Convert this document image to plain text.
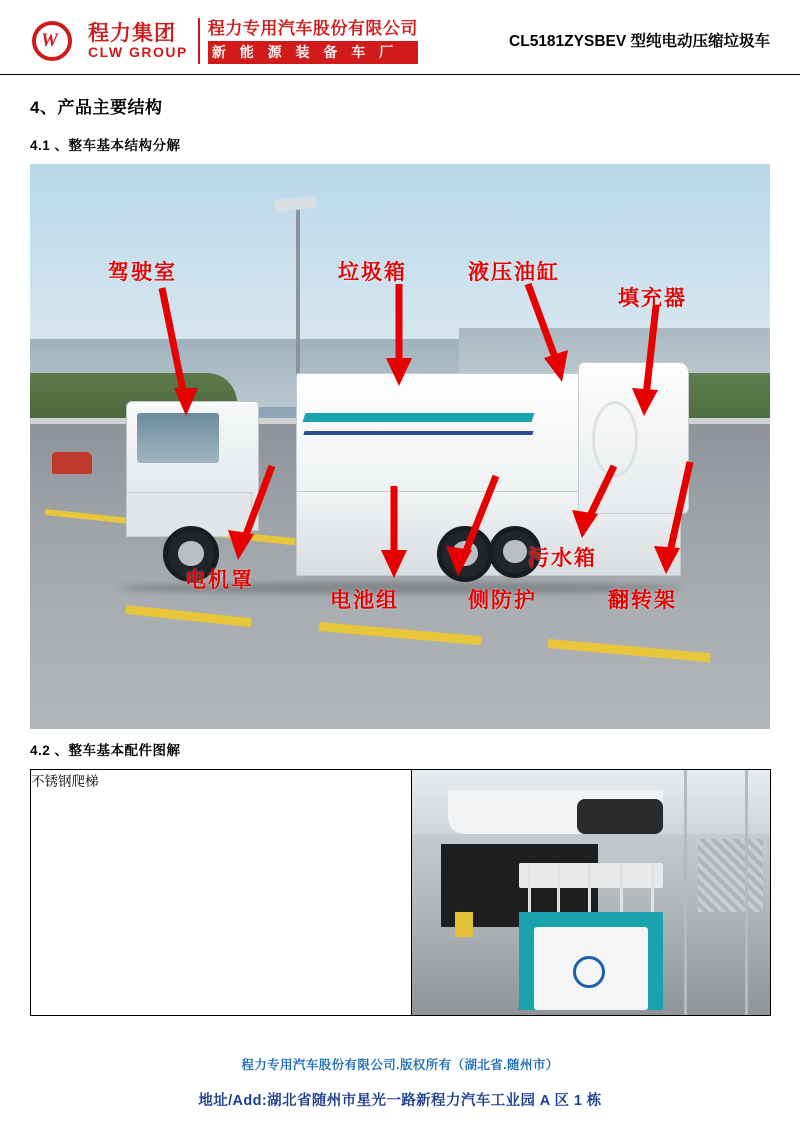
W 程力集团
CLW GROUP
程力专用汽车股份有限公司
新 能 源 装 备 车 厂
CL5181ZYSBEV 型纯电动压缩垃圾车
4、产品主要结构
4.1 、整车基本结构分解
驾驶室	垃圾箱	液压油缸
填充器
电机罩
电池组	侧防护
污水箱
翻转架
4.2 、整车基本配件图解
不锈钢爬梯	
程力专用汽车股份有限公司.版权所有（湖北省.随州市）
地址/Add:湖北省随州市星光一路新程力汽车工业园 A 区 1 栋
